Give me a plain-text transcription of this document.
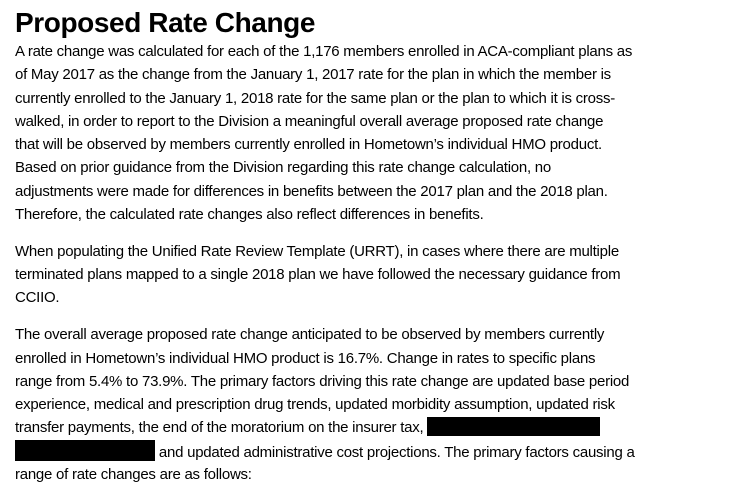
Proposed Rate Change
A rate change was calculated for each of the 1,176 members enrolled in ACA-compliant plans as
of May 2017 as the change from the January 1, 2017 rate for the plan in which the member is
currently enrolled to the January 1, 2018 rate for the same plan or the plan to which it is cross-
walked, in order to report to the Division a meaningful overall average proposed rate change
that will be observed by members currently enrolled in Hometown’s individual HMO product.
Based on prior guidance from the Division regarding this rate change calculation, no
adjustments were made for differences in benefits between the 2017 plan and the 2018 plan.
Therefore, the calculated rate changes also reflect differences in benefits.
When populating the Unified Rate Review Template (URRT), in cases where there are multiple
terminated plans mapped to a single 2018 plan we have followed the necessary guidance from
CCIIO.
The overall average proposed rate change anticipated to be observed by members currently
enrolled in Hometown’s individual HMO product is 16.7%. Change in rates to specific plans
range from 5.4% to 73.9%. The primary factors driving this rate change are updated base period
experience, medical and prescription drug trends, updated morbidity assumption, updated risk
transfer payments, the end of the moratorium on the insurer tax,
and updated administrative cost projections. The primary factors causing a
range of rate changes are as follows:
